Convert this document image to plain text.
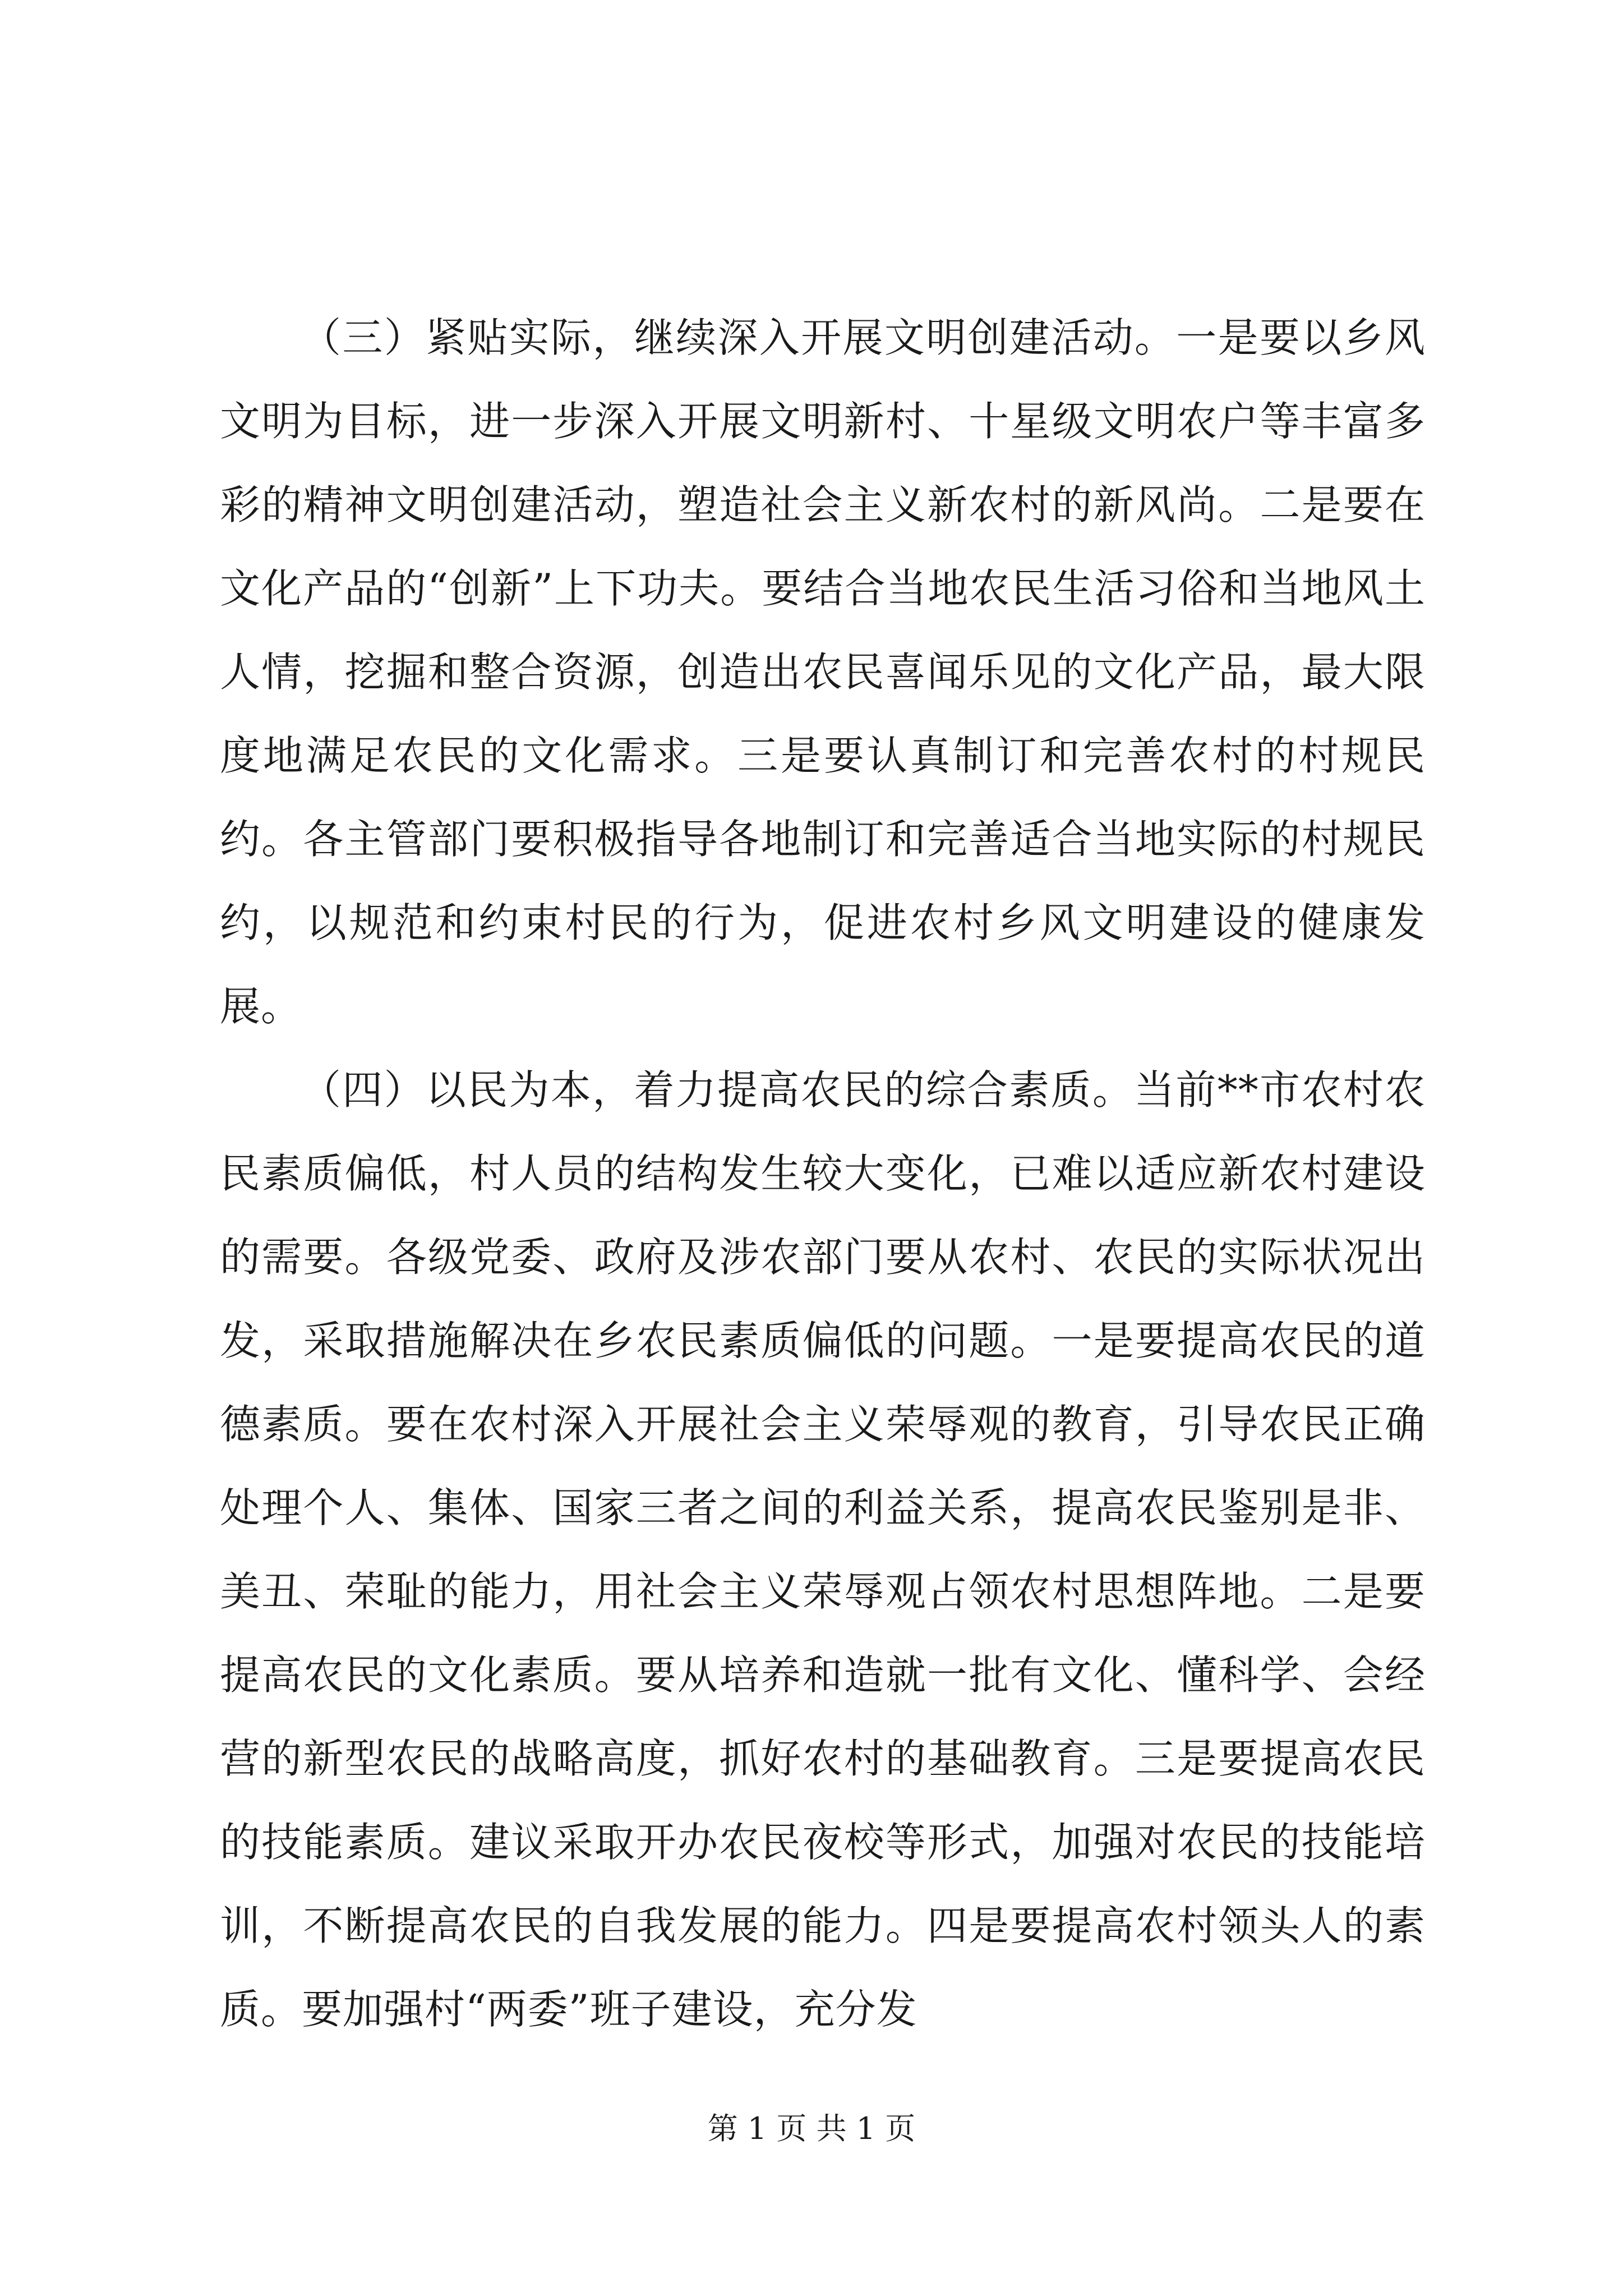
（三）紧贴实际，继续深入开展文明创建活动。一是要以乡风文明为目标，进一步深入开展文明新村、十星级文明农户等丰富多彩的精神文明创建活动，塑造社会主义新农村的新风尚。二是要在文化产品的“创新”上下功夫。要结合当地农民生活习俗和当地风土人情，挖掘和整合资源，创造出农民喜闻乐见的文化产品，最大限度地满足农民的文化需求。三是要认真制订和完善农村的村规民约。各主管部门要积极指导各地制订和完善适合当地实际的村规民约，以规范和约束村民的行为，促进农村乡风文明建设的健康发展。

（四）以民为本，着力提高农民的综合素质。当前**市农村农民素质偏低，村人员的结构发生较大变化，已难以适应新农村建设的需要。各级党委、政府及涉农部门要从农村、农民的实际状况出发，采取措施解决在乡农民素质偏低的问题。一是要提高农民的道德素质。要在农村深入开展社会主义荣辱观的教育，引导农民正确处理个人、集体、国家三者之间的利益关系，提高农民鉴别是非、美丑、荣耻的能力，用社会主义荣辱观占领农村思想阵地。二是要提高农民的文化素质。要从培养和造就一批有文化、懂科学、会经营的新型农民的战略高度，抓好农村的基础教育。三是要提高农民的技能素质。建议采取开办农民夜校等形式，加强对农民的技能培训，不断提高农民的自我发展的能力。四是要提高农村领头人的素质。要加强村“两委”班子建设，充分发

第 1 页 共 1 页
